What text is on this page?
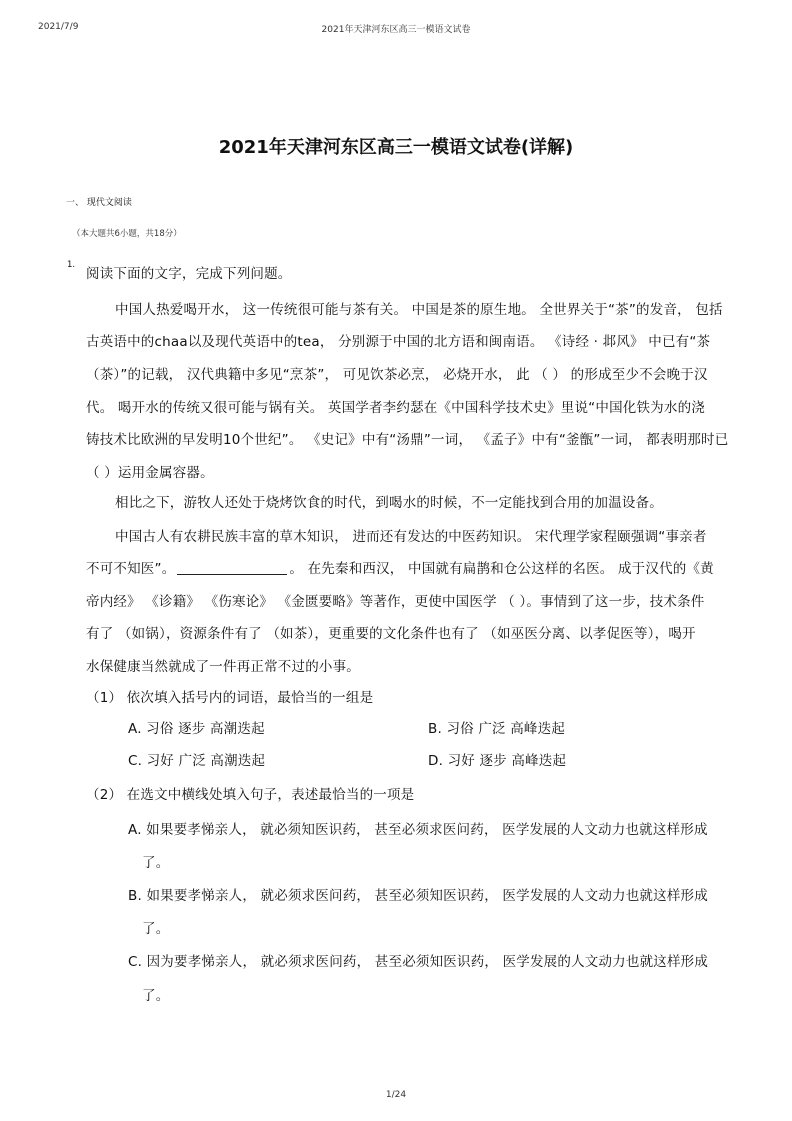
2021/7/9	2021年天津河东区高三一模语文试卷
2021年天津河东区高三一模语文试卷(详解)
一、 现代文阅读
（本大题共6小题，共18分）
1.
阅读下面的文字，完成下列问题。
中国人热爱喝开水， 这一传统很可能与茶有关。 中国是茶的原生地。 全世界关于“茶”的发音， 包括
古英语中的chaa以及现代英语中的tea， 分别源于中国的北方语和闽南语。 《诗经 · 邶风》 中已有“茶
（茶）”的记载， 汉代典籍中多见“烹茶”， 可见饮茶必烹， 必烧开水， 此 （ ） 的形成至少不会晚于汉
代。 喝开水的传统又很可能与锅有关。 英国学者李约瑟在《中国科学技术史》里说“中国化铁为水的浇
铸技术比欧洲的早发明10个世纪”。 《史记》中有“汤鼎”一词， 《孟子》中有“釜甑”一词， 都表明那时已
（ ）运用金属容器。
相比之下，游牧人还处于烧烤饮食的时代，到喝水的时候，不一定能找到合用的加温设备。
中国古人有农耕民族丰富的草木知识， 进而还有发达的中医药知识。 宋代理学家程颐强调“事亲者
不可不知医”。	。 在先秦和西汉， 中国就有扁鹊和仓公这样的名医。 成于汉代的《黄
帝内经》 《诊籍》 《伤寒论》 《金匮要略》等著作，更使中国医学 （ ）。事情到了这一步，技术条件
有了 （如锅），资源条件有了 （如茶），更重要的文化条件也有了 （如巫医分离、以孝促医等），喝开
水保健康当然就成了一件再正常不过的小事。
（1） 依次填入括号内的词语，最恰当的一组是
A. 习俗 逐步 高潮迭起	B. 习俗 广泛 高峰迭起
C. 习好 广泛 高潮迭起	D. 习好 逐步 高峰迭起
（2） 在选文中横线处填入句子，表述最恰当的一项是
A. 如果要孝悌亲人， 就必须知医识药， 甚至必须求医问药， 医学发展的人文动力也就这样形成
了。
B. 如果要孝悌亲人， 就必须求医问药， 甚至必须知医识药， 医学发展的人文动力也就这样形成
了。
C. 因为要孝悌亲人， 就必须求医问药， 甚至必须知医识药， 医学发展的人文动力也就这样形成
了。
1/24
